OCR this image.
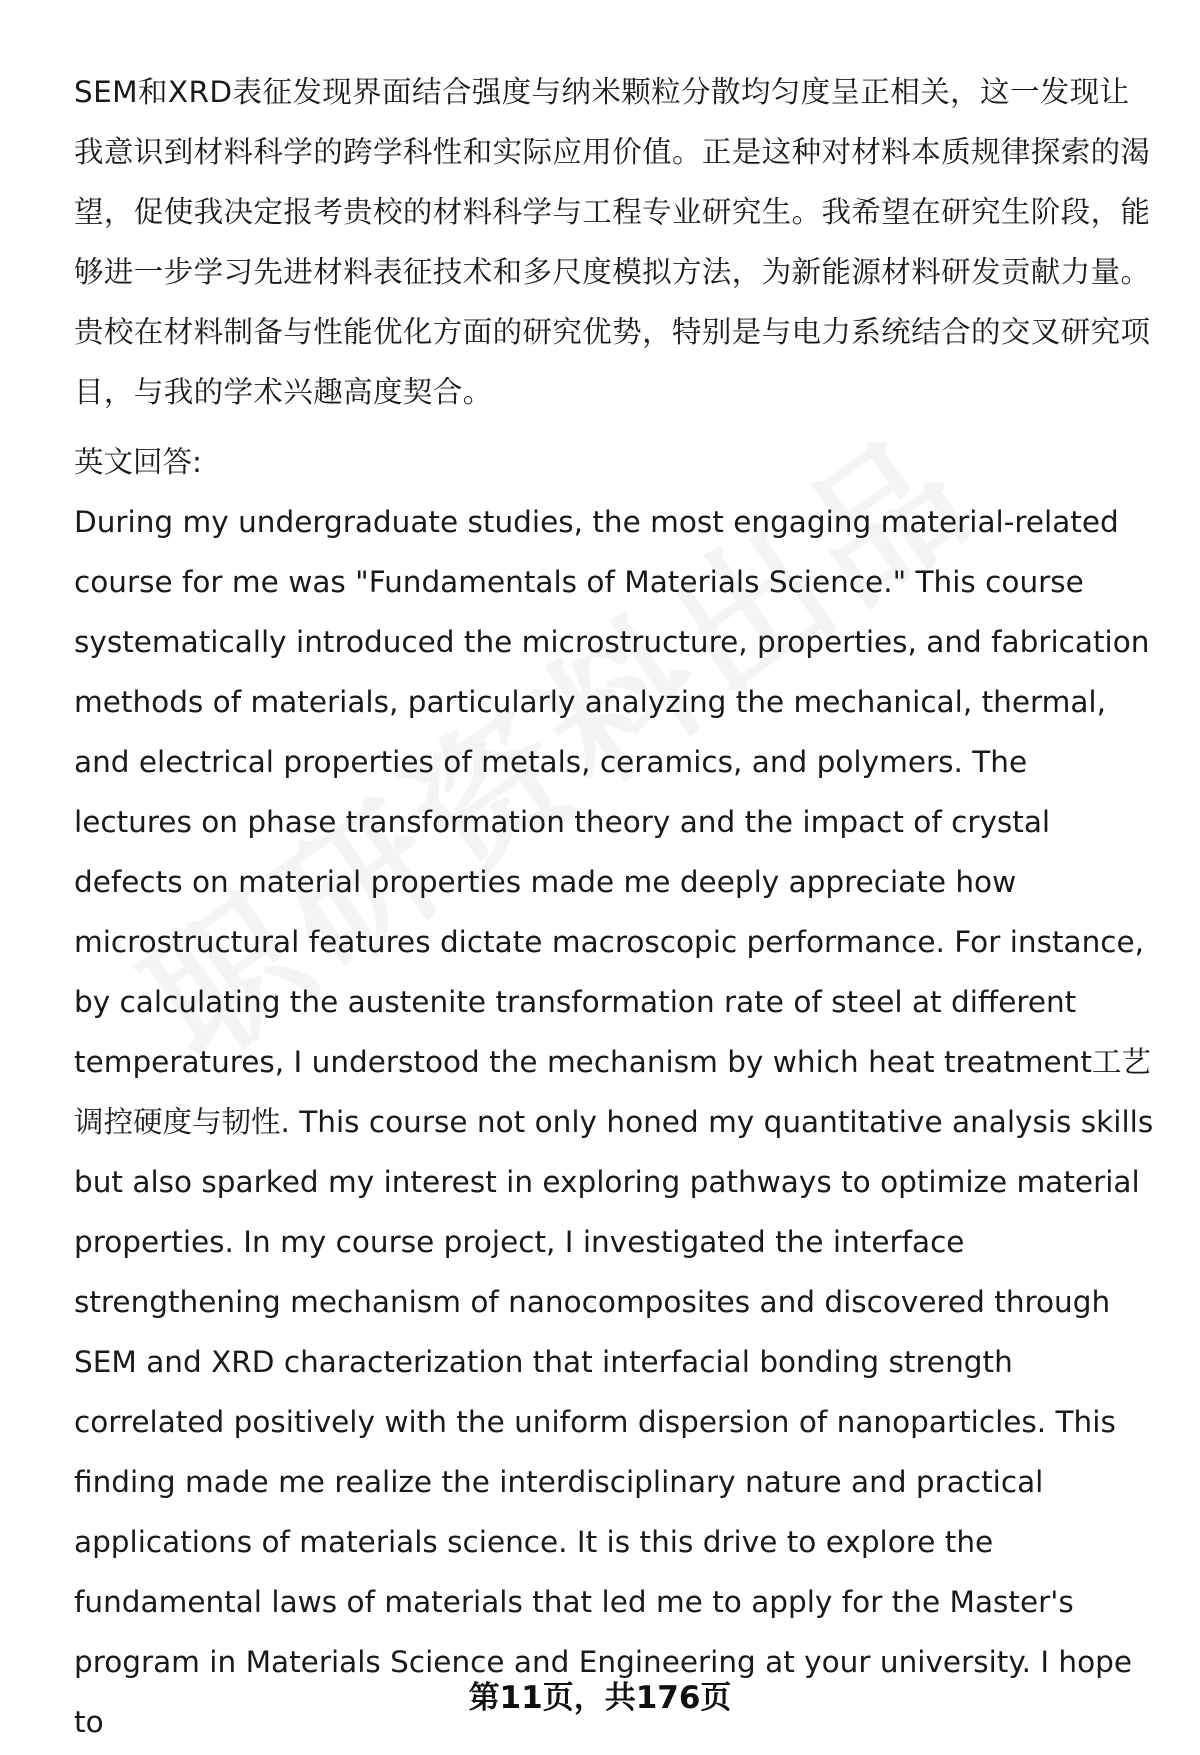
SEM和XRD表征发现界面结合强度与纳米颗粒分散均匀度呈正相关，这一发现让我意识到材料科学的跨学科性和实际应用价值。正是这种对材料本质规律探索的渴望，促使我决定报考贵校的材料科学与工程专业研究生。我希望在研究生阶段，能够进一步学习先进材料表征技术和多尺度模拟方法，为新能源材料研发贡献力量。贵校在材料制备与性能优化方面的研究优势，特别是与电力系统结合的交叉研究项目，与我的学术兴趣高度契合。

英文回答:

During my undergraduate studies, the most engaging material-related course for me was "Fundamentals of Materials Science." This course systematically introduced the microstructure, properties, and fabrication methods of materials, particularly analyzing the mechanical, thermal, and electrical properties of metals, ceramics, and polymers. The lectures on phase transformation theory and the impact of crystal defects on material properties made me deeply appreciate how microstructural features dictate macroscopic performance. For instance, by calculating the austenite transformation rate of steel at different temperatures, I understood the mechanism by which heat treatment工艺调控硬度与韧性. This course not only honed my quantitative analysis skills but also sparked my interest in exploring pathways to optimize material properties. In my course project, I investigated the interface strengthening mechanism of nanocomposites and discovered through SEM and XRD characterization that interfacial bonding strength correlated positively with the uniform dispersion of nanoparticles. This finding made me realize the interdisciplinary nature and practical applications of materials science. It is this drive to explore the fundamental laws of materials that led me to apply for the Master's program in Materials Science and Engineering at your university. I hope to

第11页，共176页
